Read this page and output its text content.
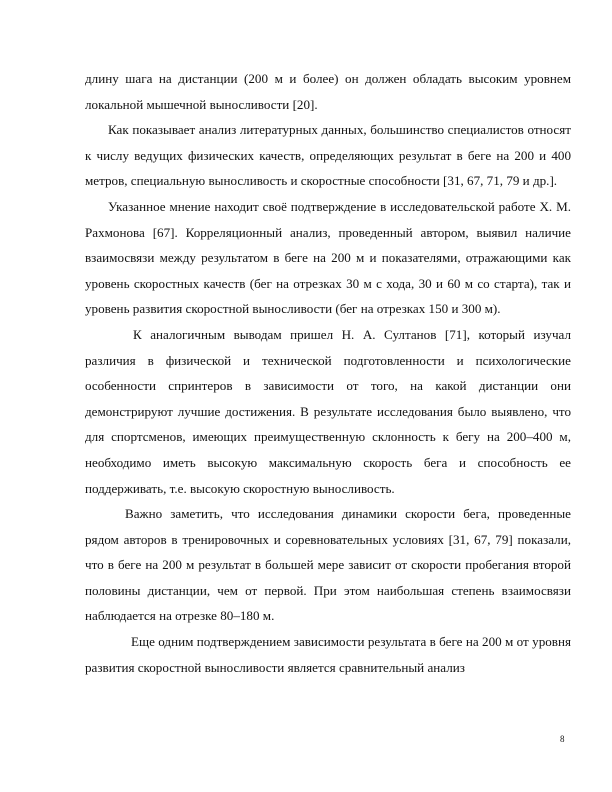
длину шага на дистанции (200 м и более) он должен обладать высоким уровнем локальной мышечной выносливости [20].

Как показывает анализ литературных данных, большинство специалистов относят к числу ведущих физических качеств, определяющих результат в беге на 200 и 400 метров, специальную выносливость и скоростные способности [31, 67, 71, 79 и др.].

Указанное мнение находит своё подтверждение в исследовательской работе Х. М. Рахмонова [67]. Корреляционный анализ, проведенный автором, выявил наличие взаимосвязи между результатом в беге на 200 м и показателями, отражающими как уровень скоростных качеств (бег на отрезках 30 м с хода, 30 и 60 м со старта), так и уровень развития скоростной выносливости (бег на отрезках 150 и 300 м).

К аналогичным выводам пришел Н. А. Султанов [71], который изучал различия в физической и технической подготовленности и психологические особенности спринтеров в зависимости от того, на какой дистанции они демонстрируют лучшие достижения. В результате исследования было выявлено, что для спортсменов, имеющих преимущественную склонность к бегу на 200–400 м, необходимо иметь высокую максимальную скорость бега и способность ее поддерживать, т.е. высокую скоростную выносливость.

Важно заметить, что исследования динамики скорости бега, проведенные рядом авторов в тренировочных и соревновательных условиях [31, 67, 79] показали, что в беге на 200 м результат в большей мере зависит от скорости пробегания второй половины дистанции, чем от первой. При этом наибольшая степень взаимосвязи наблюдается на отрезке 80–180 м.

Еще одним подтверждением зависимости результата в беге на 200 м от уровня развития скоростной выносливости является сравнительный анализ

8
